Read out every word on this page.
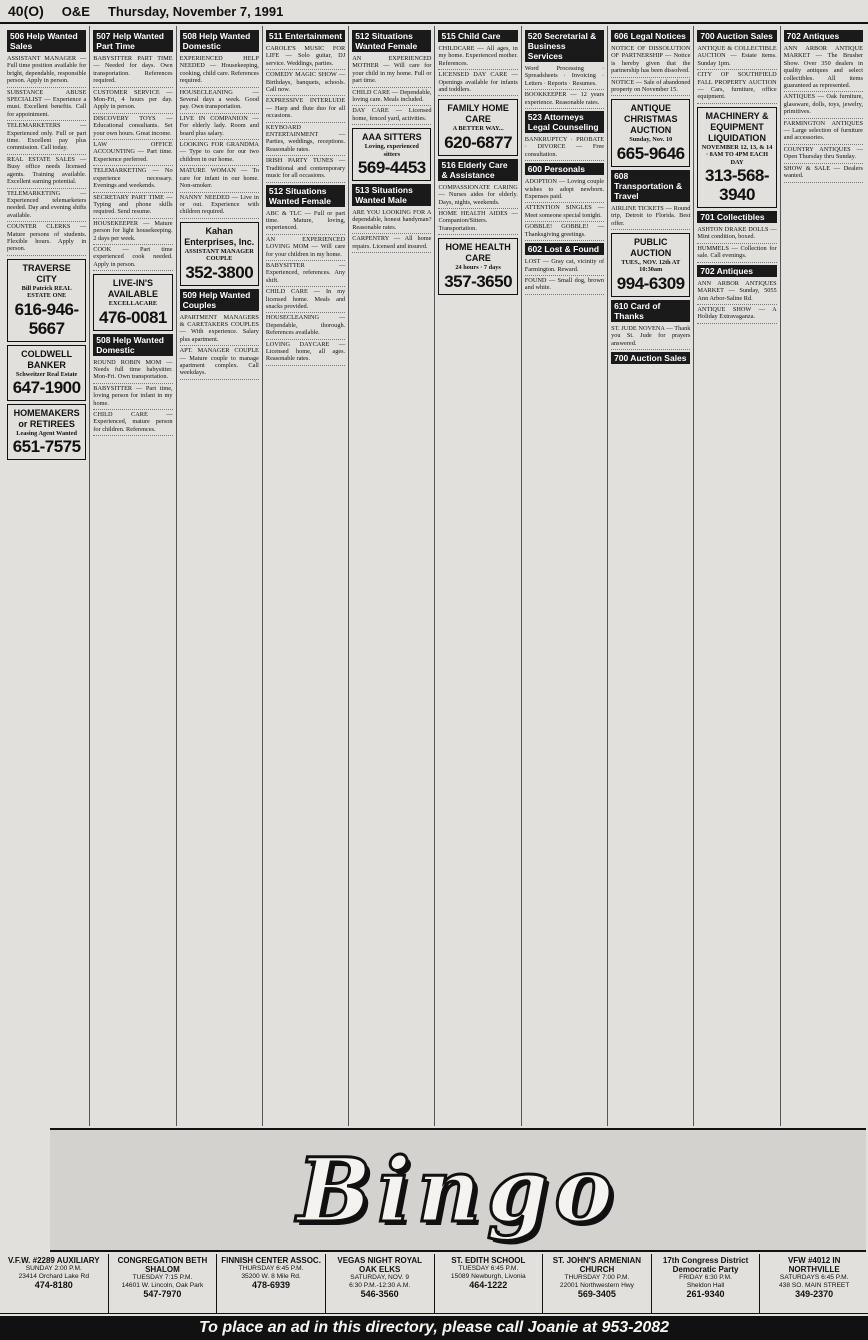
40(O) O&E Thursday, November 7, 1991
506 Help Wanted Sales
ASSISTANT MANAGER — Full time position available for bright, dependable, responsible person. Apply in person.
SUBSTANCE ABUSE SPECIALIST — Experience a must. Excellent benefits. Call for appointment.
TELEMARKETERS — Experienced only. Full or part time. Excellent pay plus commission. Call today.
REAL ESTATE SALES — Busy office needs licensed agents. Training available. Excellent earning potential.
TELEMARKETING — Experienced telemarketers needed. Day and evening shifts available.
COUNTER CLERKS — Mature persons of students. Flexible hours. Apply in person.
TRAVERSE CITY
Bill Patrick REAL ESTATE ONE
616-946-5667
COLDWELL BANKER
Schweitzer Real Estate
647-1900
HOMEMAKERS or RETIREES
Leasing Agent Wanted
651-7575
507 Help Wanted Part Time
BABYSITTER PART TIME — Needed for days. Own transportation. References required.
CUSTOMER SERVICE — Mon-Fri, 4 hours per day. Apply in person.
DISCOVERY TOYS — Educational consultants. Set your own hours. Great income.
LAW OFFICE ACCOUNTING — Part time. Experience preferred.
TELEMARKETING — No experience necessary. Evenings and weekends.
SECRETARY PART TIME — Typing and phone skills required. Send resume.
HOUSEKEEPER — Mature person for light housekeeping. 2 days per week.
COOK — Part time experienced cook needed. Apply in person.
LIVE-IN'S AVAILABLE
EXCELLACARE
476-0081
508 Help Wanted Domestic
ROUND ROBIN MOM — Needs full time babysitter. Mon-Fri. Own transportation.
BABYSITTER — Part time, loving person for infant in my home.
CHILD CARE — Experienced, mature person for children. References.
508 Help Wanted Domestic
EXPERIENCED HELP NEEDED — Housekeeping, cooking, child care. References required.
HOUSECLEANING — Several days a week. Good pay. Own transportation.
LIVE IN COMPANION — For elderly lady. Room and board plus salary.
LOOKING FOR GRANDMA — Type to care for our two children in our home.
MATURE WOMAN — To care for infant in our home. Non-smoker.
NANNY NEEDED — Live in or out. Experience with children required.
Kahan Enterprises, Inc.
ASSISTANT MANAGER COUPLE
352-3800
509 Help Wanted Couples
APARTMENT MANAGERS & CARETAKERS COUPLES — With experience. Salary plus apartment.
APT. MANAGER COUPLE — Mature couple to manage apartment complex. Call weekdays.
511 Entertainment
CAROLE'S MUSIC FOR LIFE — Solo guitar, DJ service. Weddings, parties.
COMEDY MAGIC SHOW — Birthdays, banquets, schools. Call now.
EXPRESSIVE INTERLUDE — Harp and flute duo for all occasions.
KEYBOARD ENTERTAINMENT — Parties, weddings, receptions. Reasonable rates.
IRISH PARTY TUNES — Traditional and contemporary music for all occasions.
512 Situations Wanted Female
ABC & TLC — Full or part time. Mature, loving, experienced.
AN EXPERIENCED LOVING MOM — Will care for your children in my home.
BABYSITTER — Experienced, references. Any shift.
CHILD CARE — In my licensed home. Meals and snacks provided.
HOUSECLEANING — Dependable, thorough. References available.
LOVING DAYCARE — Licensed home, all ages. Reasonable rates.
512 Situations Wanted Female
AN EXPERIENCED MOTHER — Will care for your child in my home. Full or part time.
CHILD CARE — Dependable, loving care. Meals included.
DAY CARE — Licensed home, fenced yard, activities.
AAA SITTERS
Loving, experienced sitters
569-4453
513 Situations Wanted Male
ARE YOU LOOKING FOR A dependable, honest handyman? Reasonable rates.
CARPENTRY — All home repairs. Licensed and insured.
515 Child Care
CHILDCARE — All ages, in my home. Experienced mother. References.
LICENSED DAY CARE — Openings available for infants and toddlers.
FAMILY HOME CARE
A BETTER WAY...
620-6877
516 Elderly Care & Assistance
COMPASSIONATE CARING — Nurses aides for elderly. Days, nights, weekends.
HOME HEALTH AIDES — Companion/Sitters. Transportation.
HOME HEALTH CARE
24 hours · 7 days
357-3650
520 Secretarial & Business Services
Word Processing · Spreadsheets · Invoicing · Letters · Reports · Resumes.
BOOKKEEPER — 12 years experience. Reasonable rates.
523 Attorneys Legal Counseling
BANKRUPTCY · PROBATE · DIVORCE — Free consultation.
600 Personals
ADOPTION — Loving couple wishes to adopt newborn. Expenses paid.
ATTENTION SINGLES — Meet someone special tonight.
GOBBLE! GOBBLE! — Thanksgiving greetings.
602 Lost & Found
LOST — Gray cat, vicinity of Farmington. Reward.
FOUND — Small dog, brown and white.
606 Legal Notices
NOTICE OF DISSOLUTION OF PARTNERSHIP — Notice is hereby given that the partnership has been dissolved.
NOTICE — Sale of abandoned property on November 15.
ANTIQUE CHRISTMAS AUCTION
Sunday, Nov. 10
665-9646
608 Transportation & Travel
AIRLINE TICKETS — Round trip, Detroit to Florida. Best offer.
PUBLIC AUCTION
TUES., NOV. 12th AT 10:30am
994-6309
610 Card of Thanks
ST. JUDE NOVENA — Thank you St. Jude for prayers answered.
700 Auction Sales
700 Auction Sales
ANTIQUE & COLLECTIBLE AUCTION — Estate items. Sunday 1pm.
CITY OF SOUTHFIELD FALL PROPERTY AUCTION — Cars, furniture, office equipment.
MACHINERY & EQUIPMENT LIQUIDATION
NOVEMBER 12, 13, & 14 · 8AM TO 4PM EACH DAY
313-568-3940
701 Collectibles
ASHTON DRAKE DOLLS — Mint condition, boxed.
HUMMELS — Collection for sale. Call evenings.
702 Antiques
ANN ARBOR ANTIQUES MARKET — Sunday, 5055 Ann Arbor-Saline Rd.
ANTIQUE SHOW — A Holiday Extravaganza.
702 Antiques
ANN ARBOR ANTIQUE MARKET — The Brusher Show. Over 350 dealers in quality antiques and select collectibles. All items guaranteed as represented.
ANTIQUES — Oak furniture, glassware, dolls, toys, jewelry, primitives.
FARMINGTON ANTIQUES — Large selection of furniture and accessories.
COUNTRY ANTIQUES — Open Thursday thru Sunday.
SHOW & SALE — Dealers wanted.
Bingo
V.F.W. #2289 AUXILIARY
SUNDAY 2:00 P.M.
23414 Orchard Lake Rd
474-8180
CONGREGATION BETH SHALOM
TUESDAY 7:15 P.M.
14601 W. Lincoln, Oak Park
547-7970
FINNISH CENTER ASSOC.
THURSDAY 6:45 P.M.
35200 W. 8 Mile Rd.
478-6939
VEGAS NIGHT ROYAL OAK ELKS
SATURDAY, NOV. 9
6:30 P.M.-12:30 A.M.
546-3560
ST. EDITH SCHOOL
TUESDAY 6:45 P.M.
15089 Newburgh, Livonia
464-1222
ST. JOHN'S ARMENIAN CHURCH
THURSDAY 7:00 P.M.
22001 Northwestern Hwy
569-3405
17th Congress District Democratic Party
FRIDAY 6:30 P.M.
Sheldon Hall
261-9340
VFW #4012 IN NORTHVILLE
SATURDAYS 6:45 P.M.
438 SO. MAIN STREET
349-2370
To place an ad in this directory, please call Joanie at 953-2082
